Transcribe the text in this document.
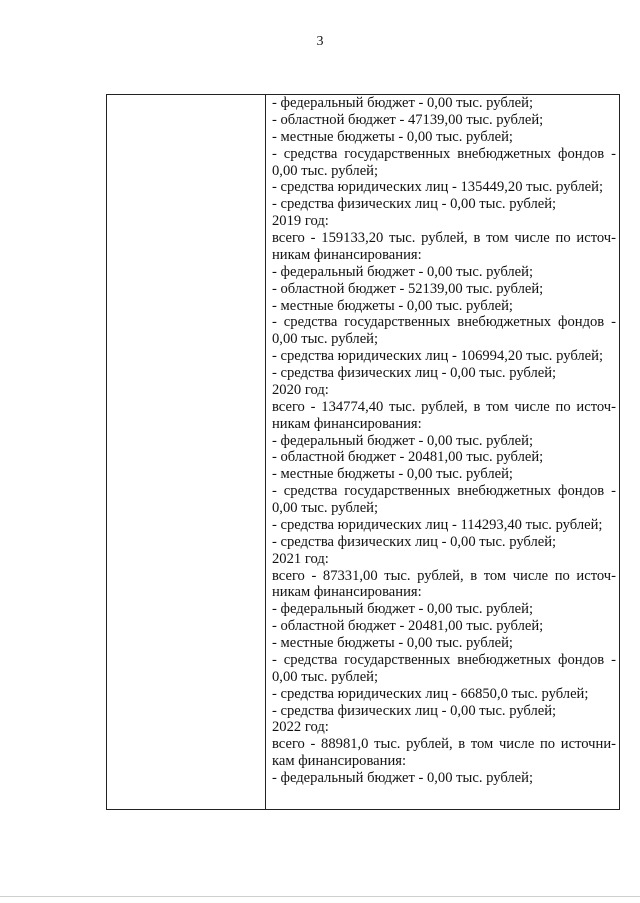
3
- федеральный бюджет - 0,00 тыс. рублей;
- областной бюджет - 47139,00 тыс. рублей;
- местные бюджеты - 0,00 тыс. рублей;
- средства государственных внебюджетных фондов -
0,00 тыс. рублей;
- средства юридических лиц - 135449,20 тыс. рублей;
- средства физических лиц - 0,00 тыс. рублей;
2019 год:
всего - 159133,20 тыс. рублей, в том числе по источ-
никам финансирования:
- федеральный бюджет - 0,00 тыс. рублей;
- областной бюджет - 52139,00 тыс. рублей;
- местные бюджеты - 0,00 тыс. рублей;
- средства государственных внебюджетных фондов -
0,00 тыс. рублей;
- средства юридических лиц - 106994,20 тыс. рублей;
- средства физических лиц - 0,00 тыс. рублей;
2020 год:
всего - 134774,40 тыс. рублей, в том числе по источ-
никам финансирования:
- федеральный бюджет - 0,00 тыс. рублей;
- областной бюджет - 20481,00 тыс. рублей;
- местные бюджеты - 0,00 тыс. рублей;
- средства государственных внебюджетных фондов -
0,00 тыс. рублей;
- средства юридических лиц - 114293,40 тыс. рублей;
- средства физических лиц - 0,00 тыс. рублей;
2021 год:
всего - 87331,00 тыс. рублей, в том числе по источ-
никам финансирования:
- федеральный бюджет - 0,00 тыс. рублей;
- областной бюджет - 20481,00 тыс. рублей;
- местные бюджеты - 0,00 тыс. рублей;
- средства государственных внебюджетных фондов -
0,00 тыс. рублей;
- средства юридических лиц - 66850,0 тыс. рублей;
- средства физических лиц - 0,00 тыс. рублей;
2022 год:
всего - 88981,0 тыс. рублей, в том числе по источни-
кам финансирования:
- федеральный бюджет - 0,00 тыс. рублей;
